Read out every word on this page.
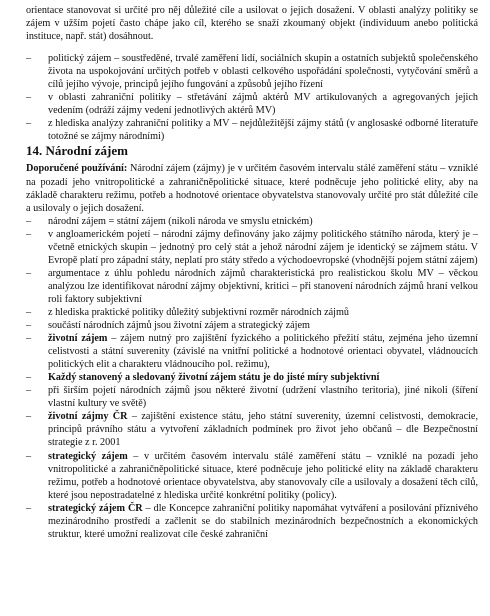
orientace stanovovat si určité pro něj důležité cíle a usilovat o jejich dosažení. V oblasti analýzy politiky se zájem v užším pojetí často chápe jako cíl, kterého se snaží zkoumaný objekt (individuum anebo politická instituce, např. stát) dosáhnout.

– politický zájem – soustředěné, trvalé zaměření lidí, sociálních skupin a ostatních subjektů společenského života na uspokojování určitých potřeb v oblasti celkového uspořádání společnosti, vytyčování směrů a cílů jejího vývoje, principů jejího fungování a způsobů jejího řízení
– v oblasti zahraniční politiky – střetávání zájmů aktérů MV artikulovaných a agregovaných jejich vedením (odráží zájmy vedení jednotlivých aktérů MV)
– z hlediska analýzy zahraniční politiky a MV – nejdůležitější zájmy států (v anglosaské odborné literatuře totožné se zájmy národními)
14. Národní zájem

Doporučené používání: Národní zájem (zájmy) je v určitém časovém intervalu stálé zaměření státu – vzniklé na pozadí jeho vnitropolitické a zahraničněpolitické situace, které podněcuje jeho politické elity, aby na základě charakteru režimu, potřeb a hodnotové orientace obyvatelstva stanovovaly určité pro stát důležité cíle a usilovaly o jejich dosažení.

– národní zájem = státní zájem (nikoli národa ve smyslu etnickém)
– v angloamerickém pojetí – národní zájmy definovány jako zájmy politického státního národa, který je – včetně etnických skupin – jednotný pro celý stát a jehož národní zájem je identický se zájmem státu. V Evropě platí pro západní státy, neplatí pro státy středo a východoevropské (vhodnější pojem státní zájem)
– argumentace z úhlu pohledu národních zájmů charakteristická pro realistickou školu MV – věckou analýzou lze identifikovat národní zájmy objektivní, kritici – při stanovení národních zájmů hraní velkou roli faktory subjektivní
– z hlediska praktické politiky důležitý subjektivní rozměr národních zájmů
– součástí národních zájmů jsou životní zájem a strategický zájem
– životní zájem – zájem nutný pro zajištění fyzického a politického přežití státu, zejména jeho územní celistvosti a státní suverenity (závislé na vnitřní politické a hodnotové orientaci obyvatel, vládnoucích politických elit a charakteru vládnoucího pol. režimu),
– Každý stanovený a sledovaný životní zájem státu je do jisté míry subjektivní
– při širším pojetí národních zájmů jsou některé životní (udržení vlastního teritoria), jiné nikoli (šíření vlastní kultury ve světě)
– životní zájmy ČR – zajištění existence státu, jeho státní suverenity, územní celistvosti, demokracie, principů právního státu a vytvoření základních podmínek pro život jeho občanů – dle Bezpečnostní strategie z r. 2001
– strategický zájem – v určitém časovém intervalu stálé zaměření státu – vzniklé na pozadí jeho vnitropolitické a zahraničněpolitické situace, které podněcuje jeho politické elity na základě charakteru režimu, potřeb a hodnotové orientace obyvatelstva, aby stanovovaly cíle a usilovaly a dosažení těch cílů, které jsou nepostradatelné z hlediska určité konkrétní politiky (policy).
– strategický zájem ČR – dle Koncepce zahraniční politiky napomáhat vytváření a posilování příznivého mezinárodního prostředí a začlenit se do stabilních mezinárodních bezpečnostních a ekonomických struktur, které umožní realizovat cíle české zahraniční
